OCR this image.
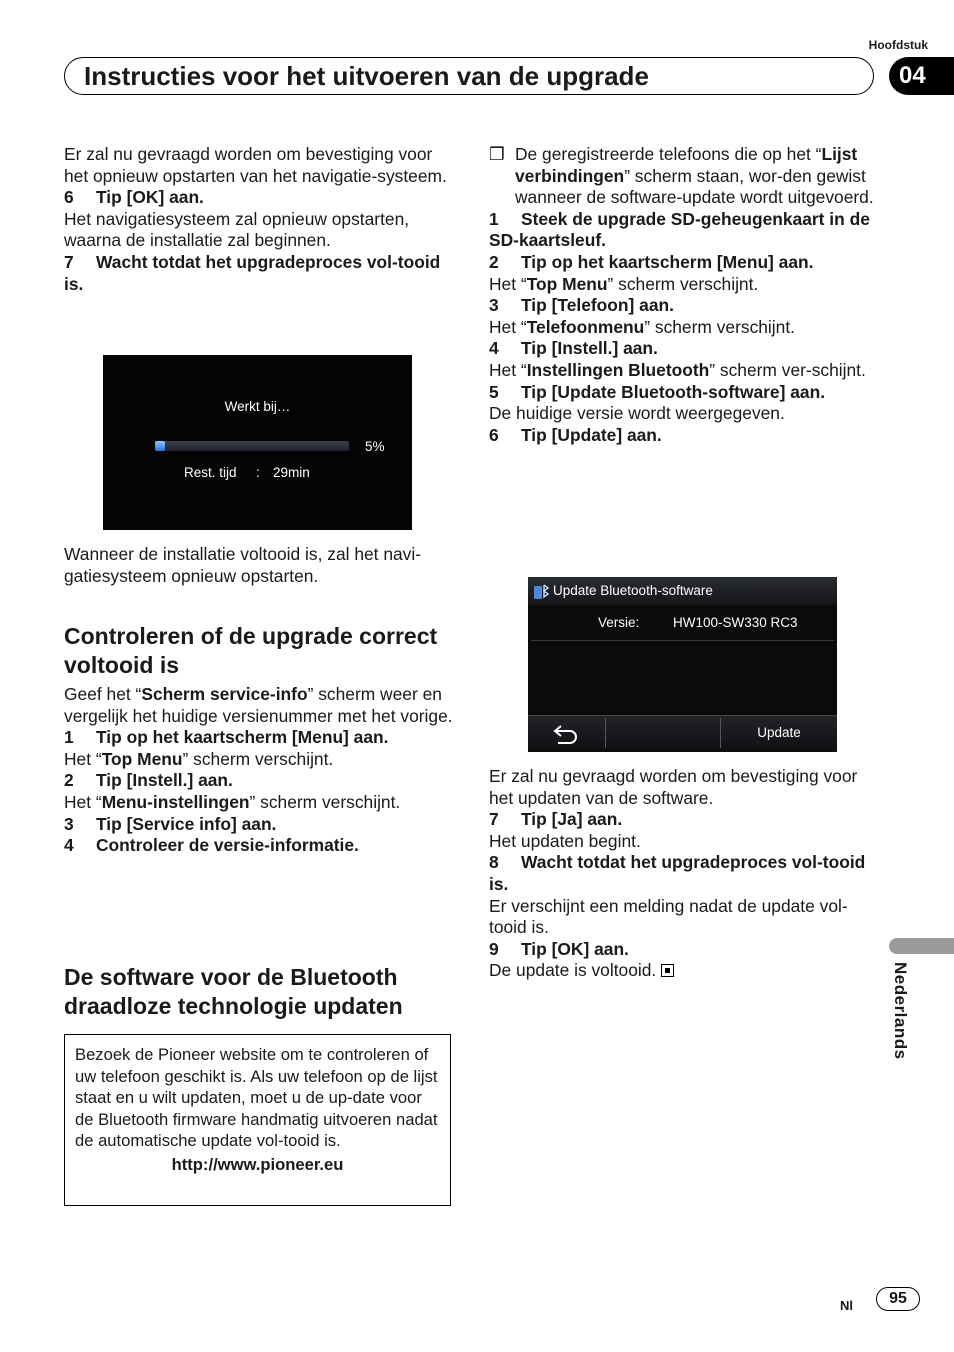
Hoofdstuk
Instructies voor het uitvoeren van de upgrade	04

Er zal nu gevraagd worden om bevestiging voor het opnieuw opstarten van het navigatie-systeem.

6 Tip [OK] aan.

Het navigatiesysteem zal opnieuw opstarten, waarna de installatie zal beginnen.

7 Wacht totdat het upgradeproces vol-tooid is.

Werkt bij…
5%
Rest. tijd : 29min

Wanneer de installatie voltooid is, zal het navi-gatiesysteem opnieuw opstarten.

Controleren of de upgrade correct voltooid is

Geef het “Scherm service-info” scherm weer en vergelijk het huidige versienummer met het vorige.

1 Tip op het kaartscherm [Menu] aan.

Het “Top Menu” scherm verschijnt.

2 Tip [Instell.] aan.

Het “Menu-instellingen” scherm verschijnt.

3 Tip [Service info] aan.

4 Controleer de versie-informatie.

De software voor de Bluetooth draadloze technologie updaten
Bezoek de Pioneer website om te controleren of uw telefoon geschikt is. Als uw telefoon op de lijst staat en u wilt updaten, moet u de up-date voor de Bluetooth firmware handmatig uitvoeren nadat de automatische update vol-tooid is.
http://www.pioneer.eu
❒ De geregistreerde telefoons die op het “Lijst verbindingen” scherm staan, wor-den gewist wanneer de software-update wordt uitgevoerd.

1 Steek de upgrade SD-geheugenkaart in de SD-kaartsleuf.

2 Tip op het kaartscherm [Menu] aan.

Het “Top Menu” scherm verschijnt.

3 Tip [Telefoon] aan.

Het “Telefoonmenu” scherm verschijnt.

4 Tip [Instell.] aan.

Het “Instellingen Bluetooth” scherm ver-schijnt.

5 Tip [Update Bluetooth-software] aan.

De huidige versie wordt weergegeven.

6 Tip [Update] aan.

Update Bluetooth-software
Versie: HW100-SW330 RC3
Update

Er zal nu gevraagd worden om bevestiging voor het updaten van de software.

7 Tip [Ja] aan.

Het updaten begint.

8 Wacht totdat het upgradeproces vol-tooid is.

Er verschijnt een melding nadat de update vol-tooid is.

9 Tip [OK] aan.

De update is voltooid.	Nederlands
Nl	95
